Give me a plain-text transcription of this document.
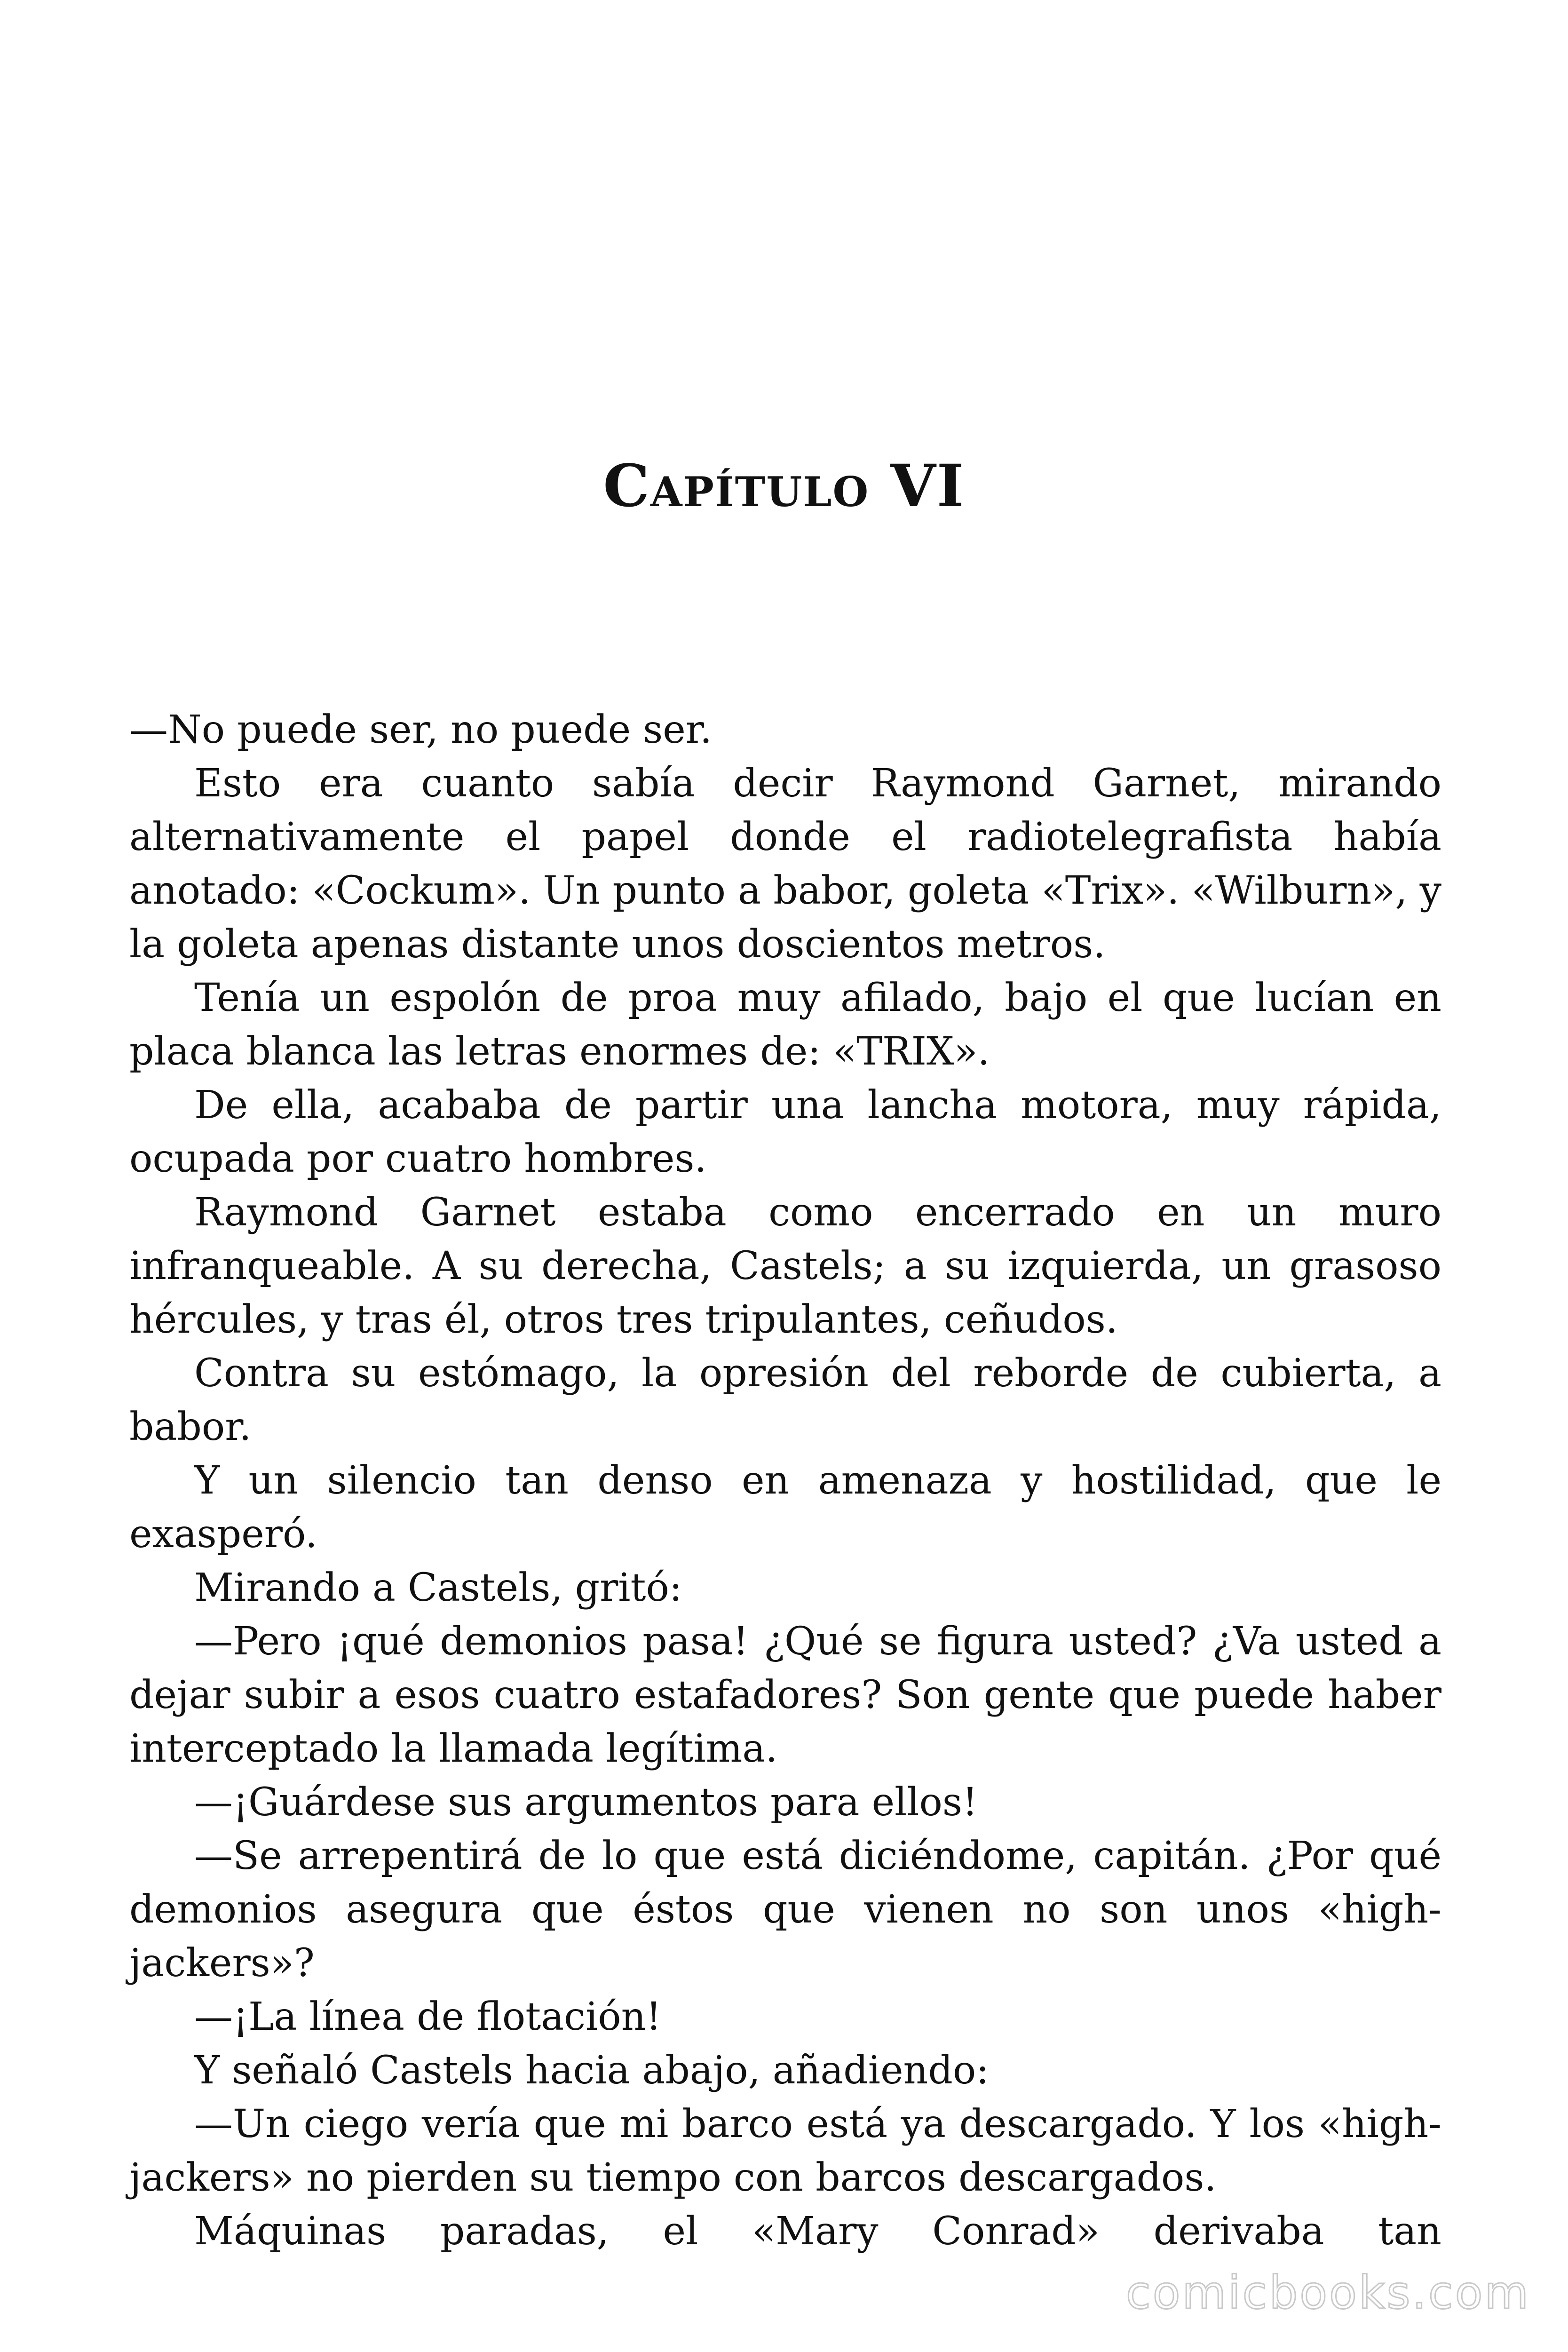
Capítulo VI

—No puede ser, no puede ser.

Esto era cuanto sabía decir Raymond Garnet, mirando alternativamente el papel donde el radiotelegrafista había anotado: «Cockum». Un punto a babor, goleta «Trix». «Wilburn», y la goleta apenas distante unos doscientos metros.

Tenía un espolón de proa muy afilado, bajo el que lucían en placa blanca las letras enormes de: «TRIX».

De ella, acababa de partir una lancha motora, muy rápida, ocupada por cuatro hombres.

Raymond Garnet estaba como encerrado en un muro infranqueable. A su derecha, Castels; a su izquierda, un grasoso hércules, y tras él, otros tres tripulantes, ceñudos.

Contra su estómago, la opresión del reborde de cubierta, a babor.

Y un silencio tan denso en amenaza y hostilidad, que le exasperó.

Mirando a Castels, gritó:

—Pero ¡qué demonios pasa! ¿Qué se figura usted? ¿Va usted a dejar subir a esos cuatro estafadores? Son gente que puede haber interceptado la llamada legítima.

—¡Guárdese sus argumentos para ellos!

—Se arrepentirá de lo que está diciéndome, capitán. ¿Por qué demonios asegura que éstos que vienen no son unos «high-jackers»?

—¡La línea de flotación!

Y señaló Castels hacia abajo, añadiendo:

—Un ciego vería que mi barco está ya descargado. Y los «high-jackers» no pierden su tiempo con barcos descargados.

Máquinas paradas, el «Mary Conrad» derivaba tan

comicbooks.com
